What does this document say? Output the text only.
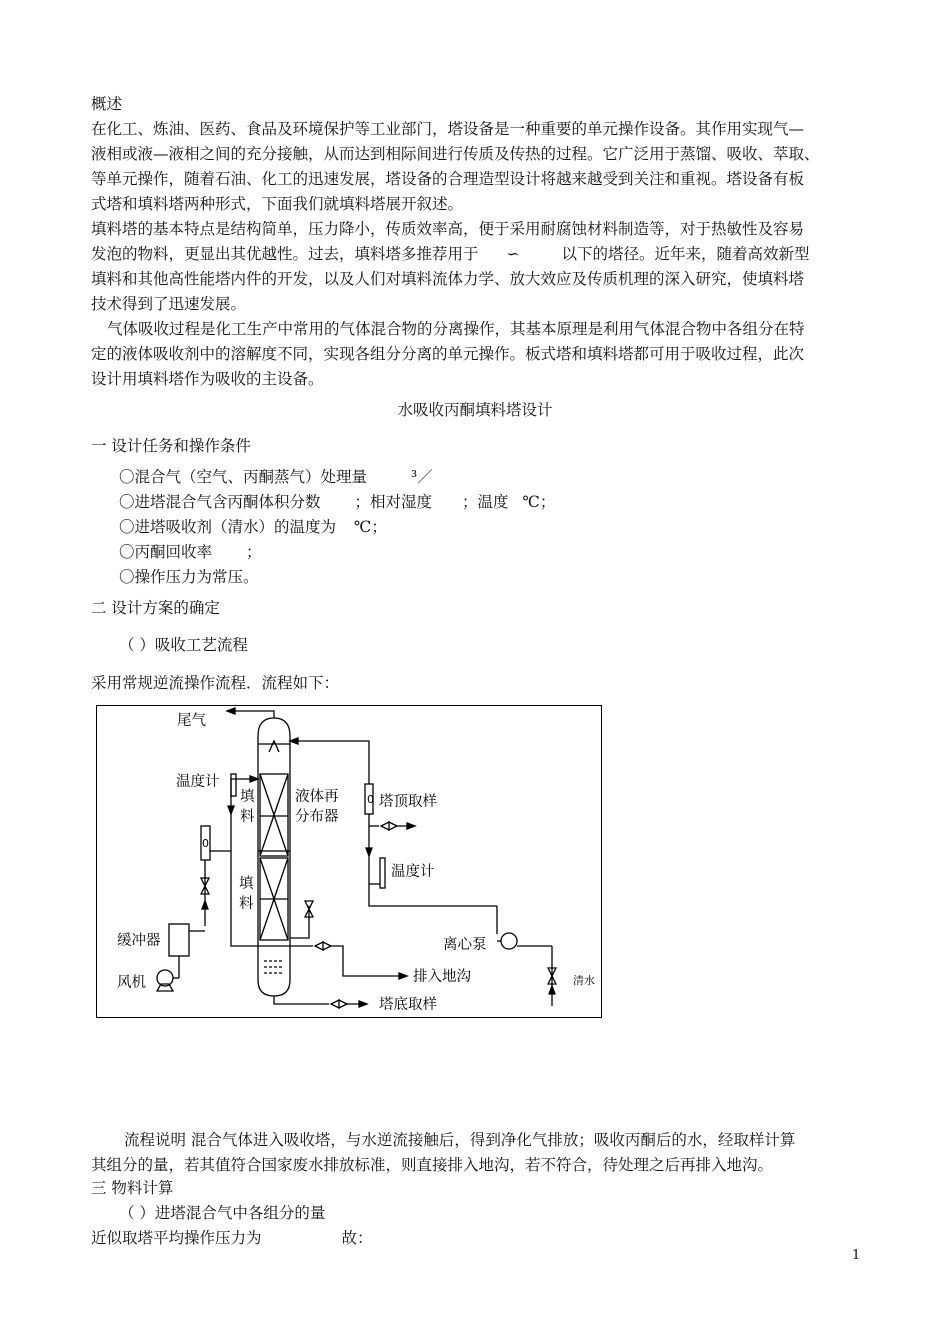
概述

在化工、炼油、医药、食品及环境保护等工业部门，塔设备是一种重要的单元操作设备。其作用实现气—

液相或液—液相之间的充分接触，从而达到相际间进行传质及传热的过程。它广泛用于蒸馏、吸收、萃取、

等单元操作，随着石油、化工的迅速发展，塔设备的合理造型设计将越来越受到关注和重视。塔设备有板

式塔和填料塔两种形式，下面我们就填料塔展开叙述。

填料塔的基本特点是结构简单，压力降小，传质效率高，便于采用耐腐蚀材料制造等，对于热敏性及容易

发泡的物料，更显出其优越性。过去，填料塔多推荐用于 ∽	以下的塔径。近年来，随着高效新型

填料和其他高性能塔内件的开发，以及人们对填料流体力学、放大效应及传质机理的深入研究，使填料塔

技术得到了迅速发展。

气体吸收过程是化工生产中常用的气体混合物的分离操作，其基本原理是利用气体混合物中各组分在特

定的液体吸收剂中的溶解度不同，实现各组分分离的单元操作。板式塔和填料塔都可用于吸收过程，此次

设计用填料塔作为吸收的主设备。

水吸收丙酮填料塔设计

一 设计任务和操作条件

〇混合气（空气、丙酮蒸气）处理量	³／

〇进塔混合气含丙酮体积分数 ；相对湿度 ；温度 ℃；

〇进塔吸收剂（清水）的温度为 ℃；

〇丙酮回收率 ；

〇操作压力为常压。

二 设计方案的确定

（ ）吸收工艺流程

采用常规逆流操作流程．流程如下：
尾气
温度计
填
料
液体再
分布器
0 塔顶取样
温度计
填
料
0
缓冲器	离心泵
风机	排入地沟	清水
塔底取样

流程说明 混合气体进入吸收塔，与水逆流接触后，得到净化气排放；吸收丙酮后的水，经取样计算

其组分的量，若其值符合国家废水排放标准，则直接排入地沟，若不符合，待处理之后再排入地沟。

三 物料计算

（ ）进塔混合气中各组分的量

近似取塔平均操作压力为	故：

1
